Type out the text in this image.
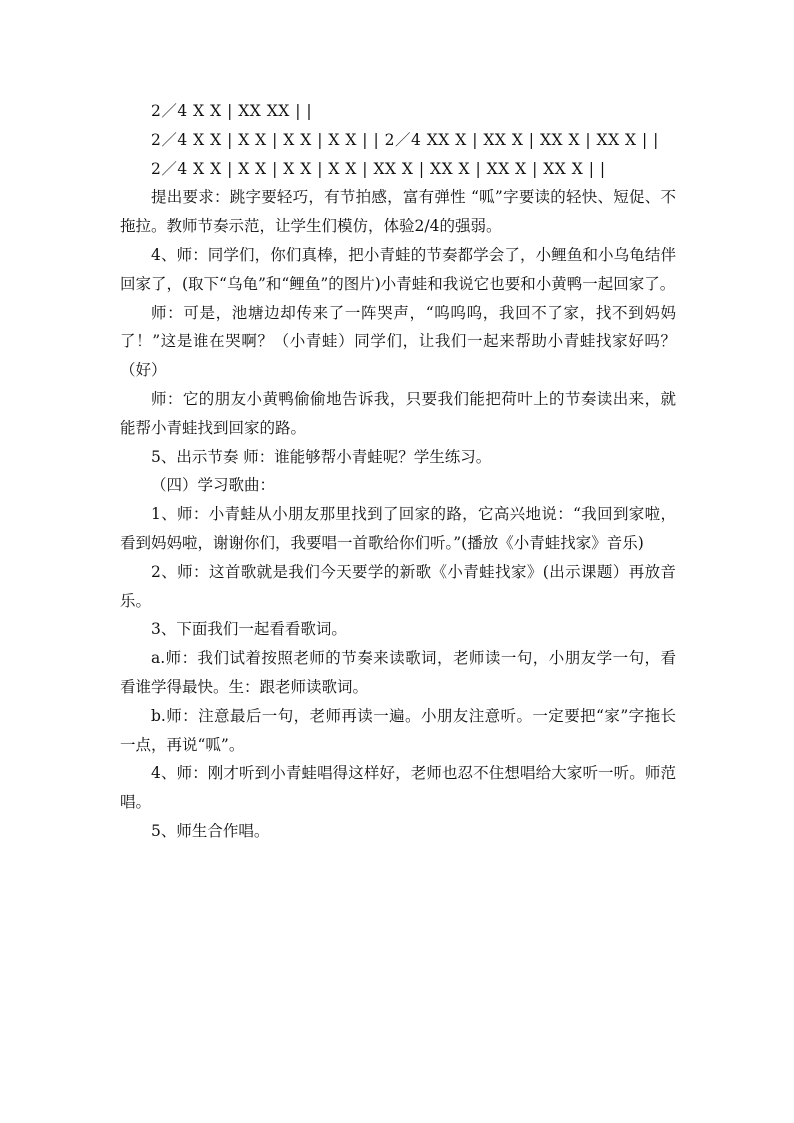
2／4 X X | XX XX | |

2／4 X X | X X | X X | X X | | 2／4 XX X | XX X | XX X | XX X | |

2／4 X X | X X | X X | X X | XX X | XX X | XX X | XX X | |

提出要求：跳字要轻巧，有节拍感，富有弹性 “呱”字要读的轻快、短促、不拖拉。教师节奏示范，让学生们模仿，体验2/4的强弱。

4、师：同学们，你们真棒，把小青蛙的节奏都学会了，小鲤鱼和小乌龟结伴回家了，(取下“乌龟”和“鲤鱼”的图片)小青蛙和我说它也要和小黄鸭一起回家了。

师：可是，池塘边却传来了一阵哭声，“呜呜呜，我回不了家，找不到妈妈了！”这是谁在哭啊？（小青蛙）同学们，让我们一起来帮助小青蛙找家好吗？（好）

师：它的朋友小黄鸭偷偷地告诉我，只要我们能把荷叶上的节奏读出来，就能帮小青蛙找到回家的路。

5、出示节奏 师：谁能够帮小青蛙呢？学生练习。

（四）学习歌曲：

1、师：小青蛙从小朋友那里找到了回家的路，它高兴地说：“我回到家啦，看到妈妈啦，谢谢你们，我要唱一首歌给你们听。”(播放《小青蛙找家》音乐)

2、师：这首歌就是我们今天要学的新歌《小青蛙找家》(出示课题）再放音乐。

3、下面我们一起看看歌词。

a.师：我们试着按照老师的节奏来读歌词，老师读一句，小朋友学一句，看看谁学得最快。生：跟老师读歌词。

b.师：注意最后一句，老师再读一遍。小朋友注意听。一定要把“家”字拖长一点，再说“呱”。

4、师：刚才听到小青蛙唱得这样好，老师也忍不住想唱给大家听一听。师范唱。

5、师生合作唱。
